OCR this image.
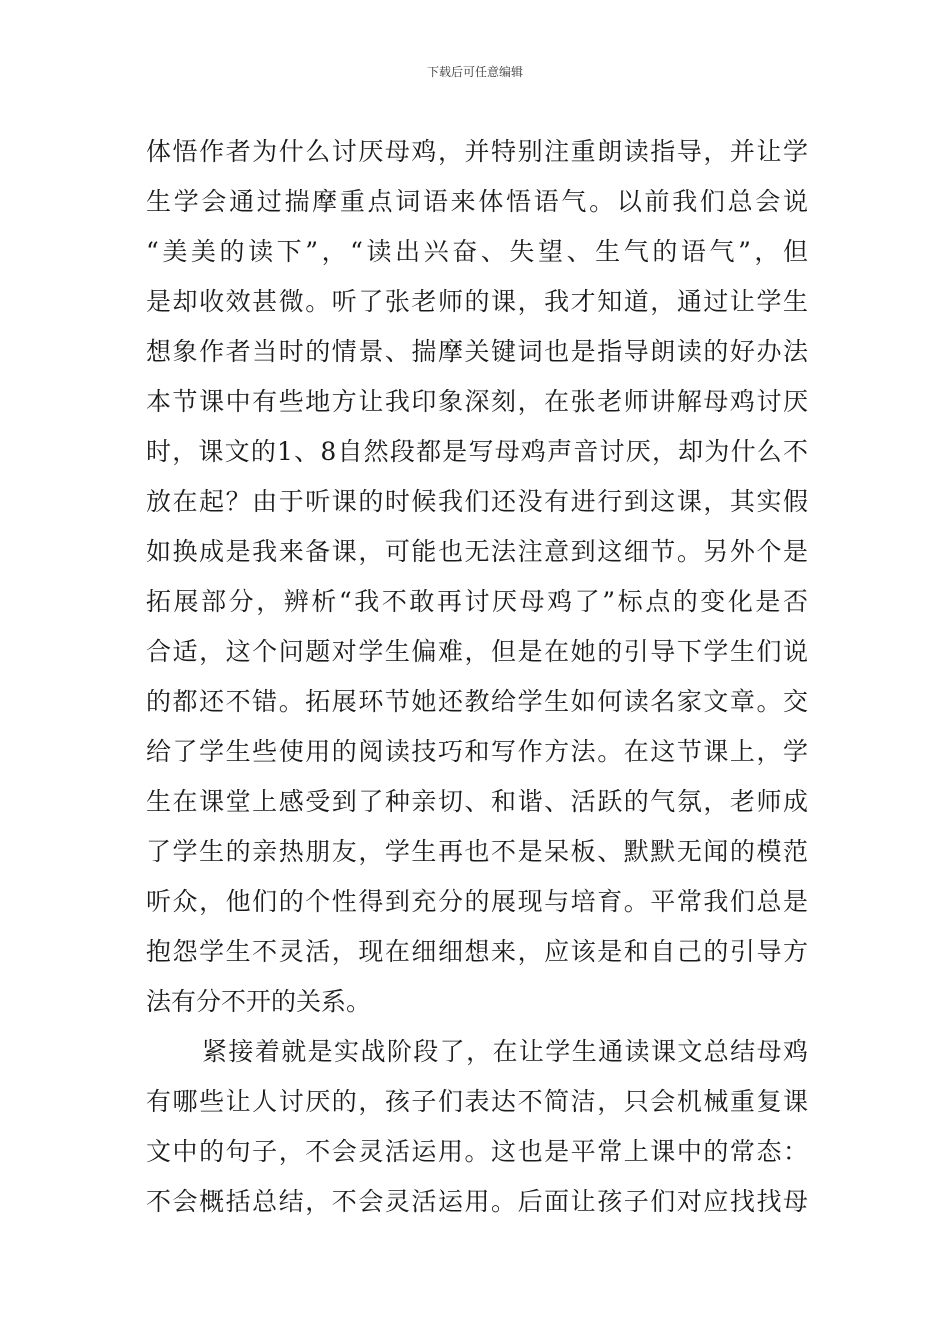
下载后可任意编辑
体悟作者为什么讨厌母鸡，并特别注重朗读指导，并让学
生学会通过揣摩重点词语来体悟语气。以前我们总会说
“美美的读下”，“读出兴奋、失望、生气的语气”，但
是却收效甚微。听了张老师的课，我才知道，通过让学生
想象作者当时的情景、揣摩关键词也是指导朗读的好办法
本节课中有些地方让我印象深刻，在张老师讲解母鸡讨厌
时，课文的1、8自然段都是写母鸡声音讨厌，却为什么不
放在起？由于听课的时候我们还没有进行到这课，其实假
如换成是我来备课，可能也无法注意到这细节。另外个是
拓展部分，辨析“我不敢再讨厌母鸡了”标点的变化是否
合适，这个问题对学生偏难，但是在她的引导下学生们说
的都还不错。拓展环节她还教给学生如何读名家文章。交
给了学生些使用的阅读技巧和写作方法。在这节课上，学
生在课堂上感受到了种亲切、和谐、活跃的气氛，老师成
了学生的亲热朋友，学生再也不是呆板、默默无闻的模范
听众，他们的个性得到充分的展现与培育。平常我们总是
抱怨学生不灵活，现在细细想来，应该是和自己的引导方
法有分不开的关系。
紧接着就是实战阶段了，在让学生通读课文总结母鸡
有哪些让人讨厌的，孩子们表达不简洁，只会机械重复课
文中的句子，不会灵活运用。这也是平常上课中的常态：
不会概括总结，不会灵活运用。后面让孩子们对应找找母
